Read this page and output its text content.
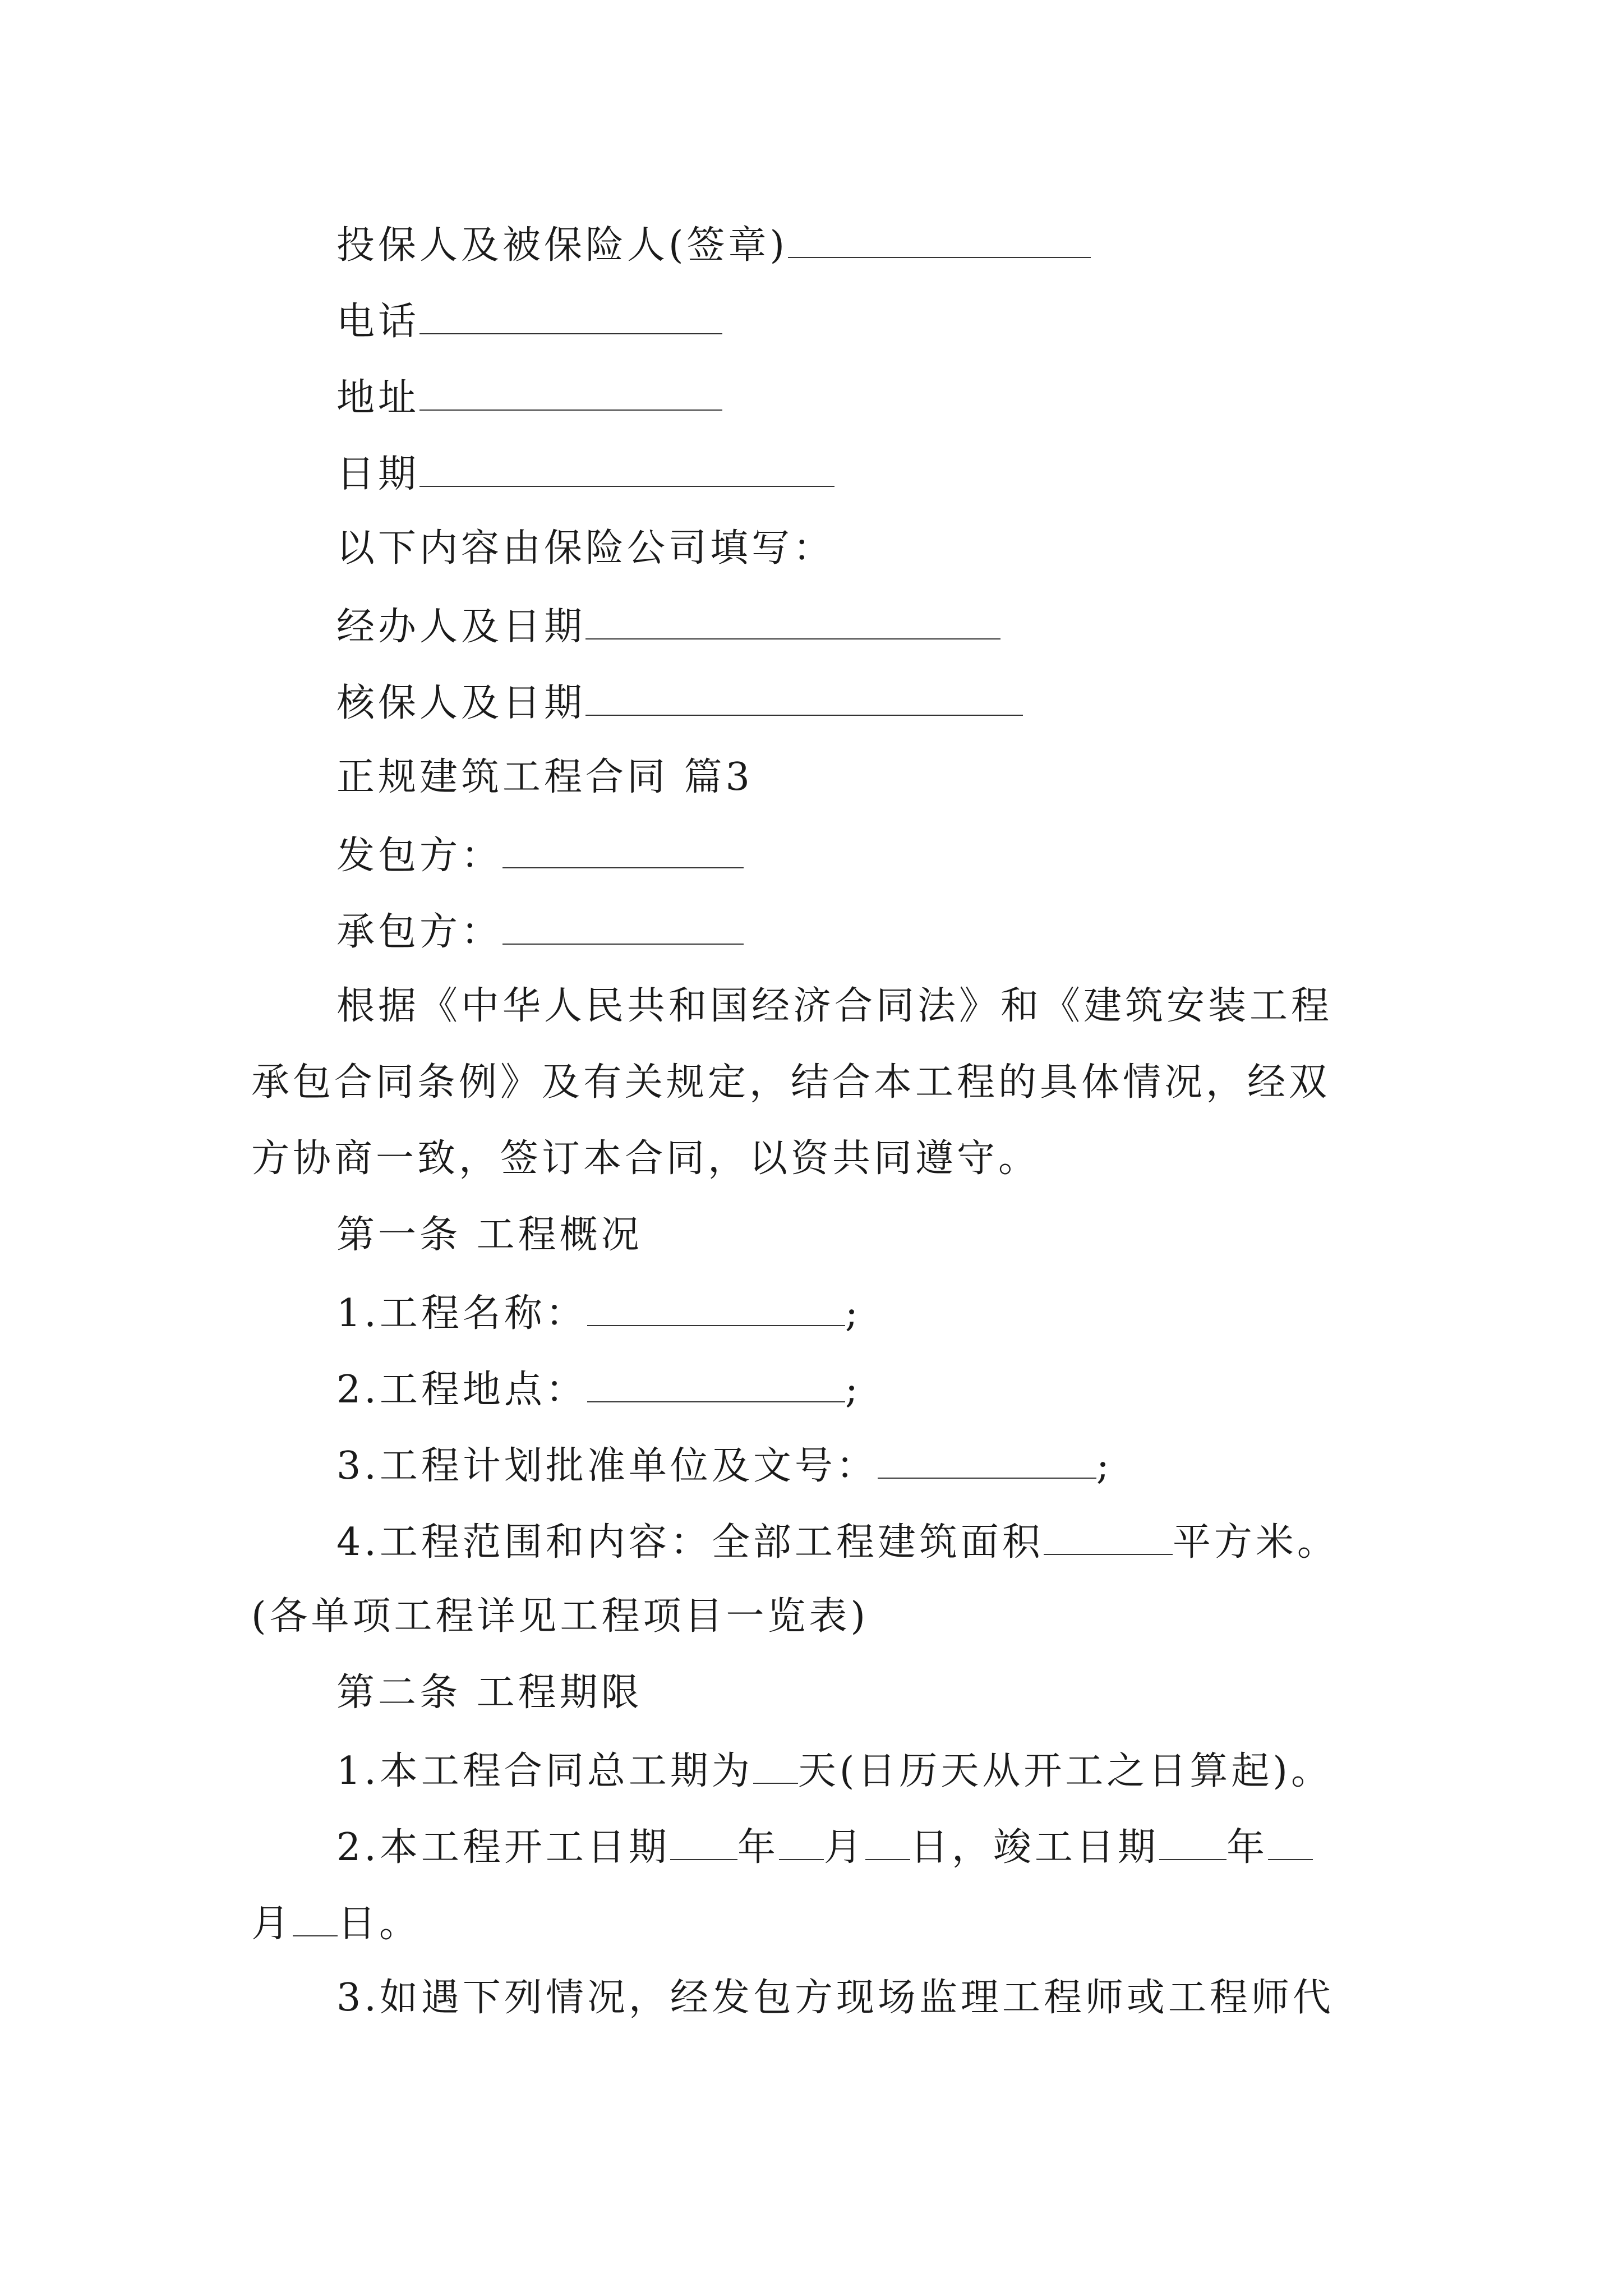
投保人及被保险人(签章)
电话
地址
日期
以下内容由保险公司填写：
经办人及日期
核保人及日期
正规建筑工程合同 篇3
发包方：
承包方：
根据《中华人民共和国经济合同法》和《建筑安装工程
承包合同条例》及有关规定，结合本工程的具体情况，经双
方协商一致，签订本合同，以资共同遵守。
第一条 工程概况
1.工程名称：	;
2.工程地点：	;
3.工程计划批准单位及文号：	;
4.工程范围和内容：全部工程建筑面积	平方米。
(各单项工程详见工程项目一览表)
第二条 工程期限
1.本工程合同总工期为 天(日历天从开工之日算起)。
2.本工程开工日期 年 月 日，竣工日期 年
月 日。
3.如遇下列情况，经发包方现场监理工程师或工程师代
